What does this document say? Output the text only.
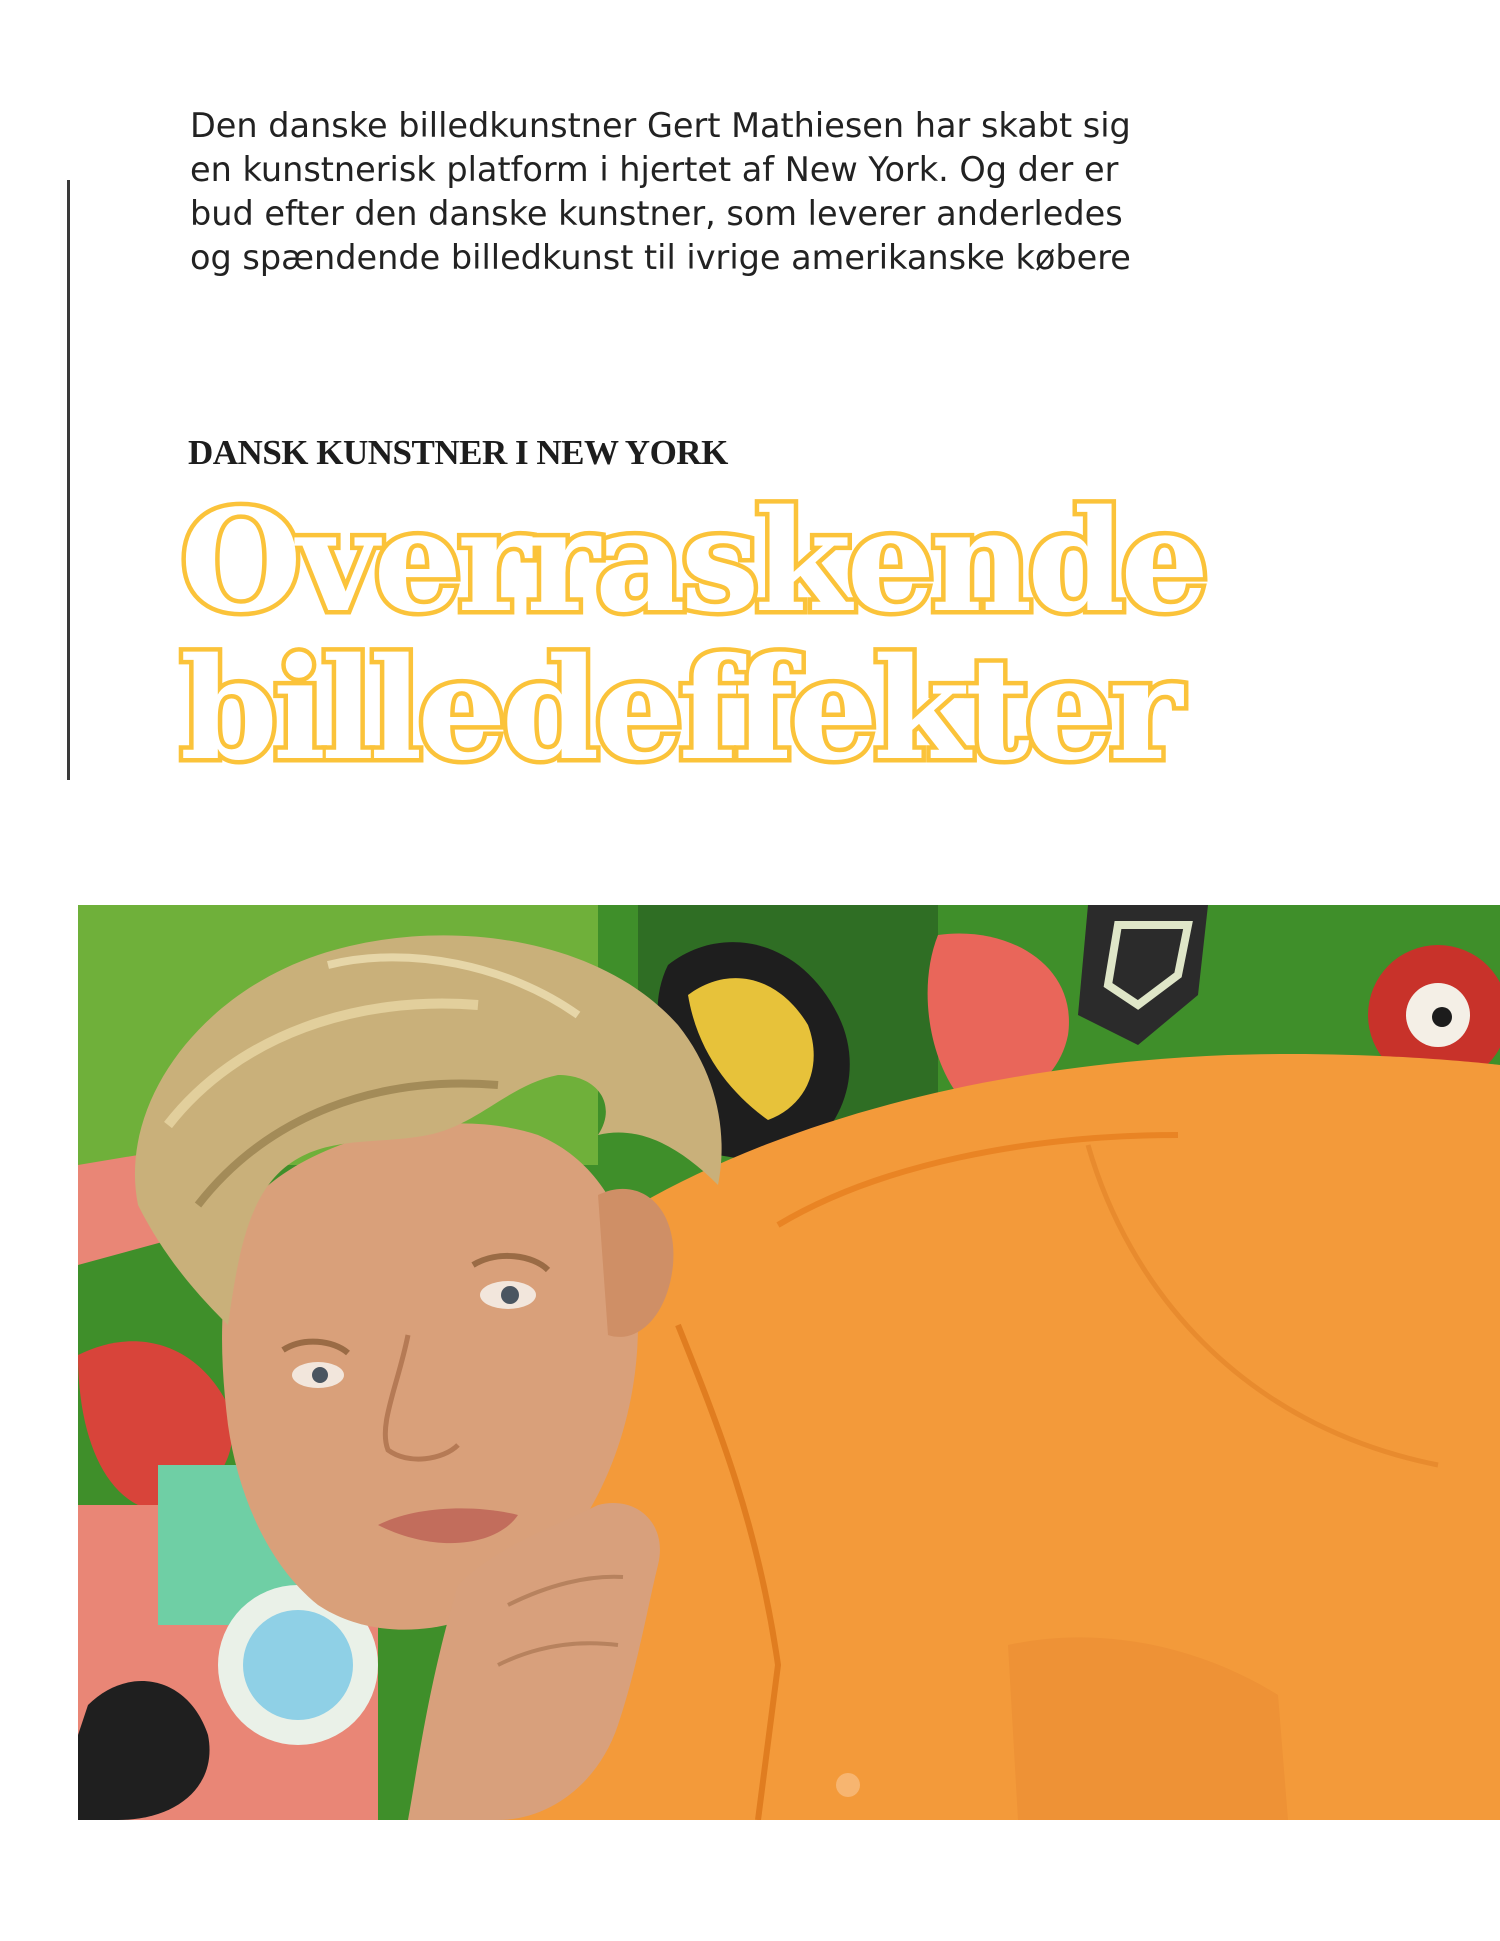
Den danske billedkunstner Gert Mathiesen har skabt sig
en kunstnerisk platform i hjertet af New York. Og der er
bud efter den danske kunstner, som leverer anderledes
og spændende billedkunst til ivrige amerikanske købere
DANSK KUNSTNER I NEW YORK
Overraskende
billedeffekter
